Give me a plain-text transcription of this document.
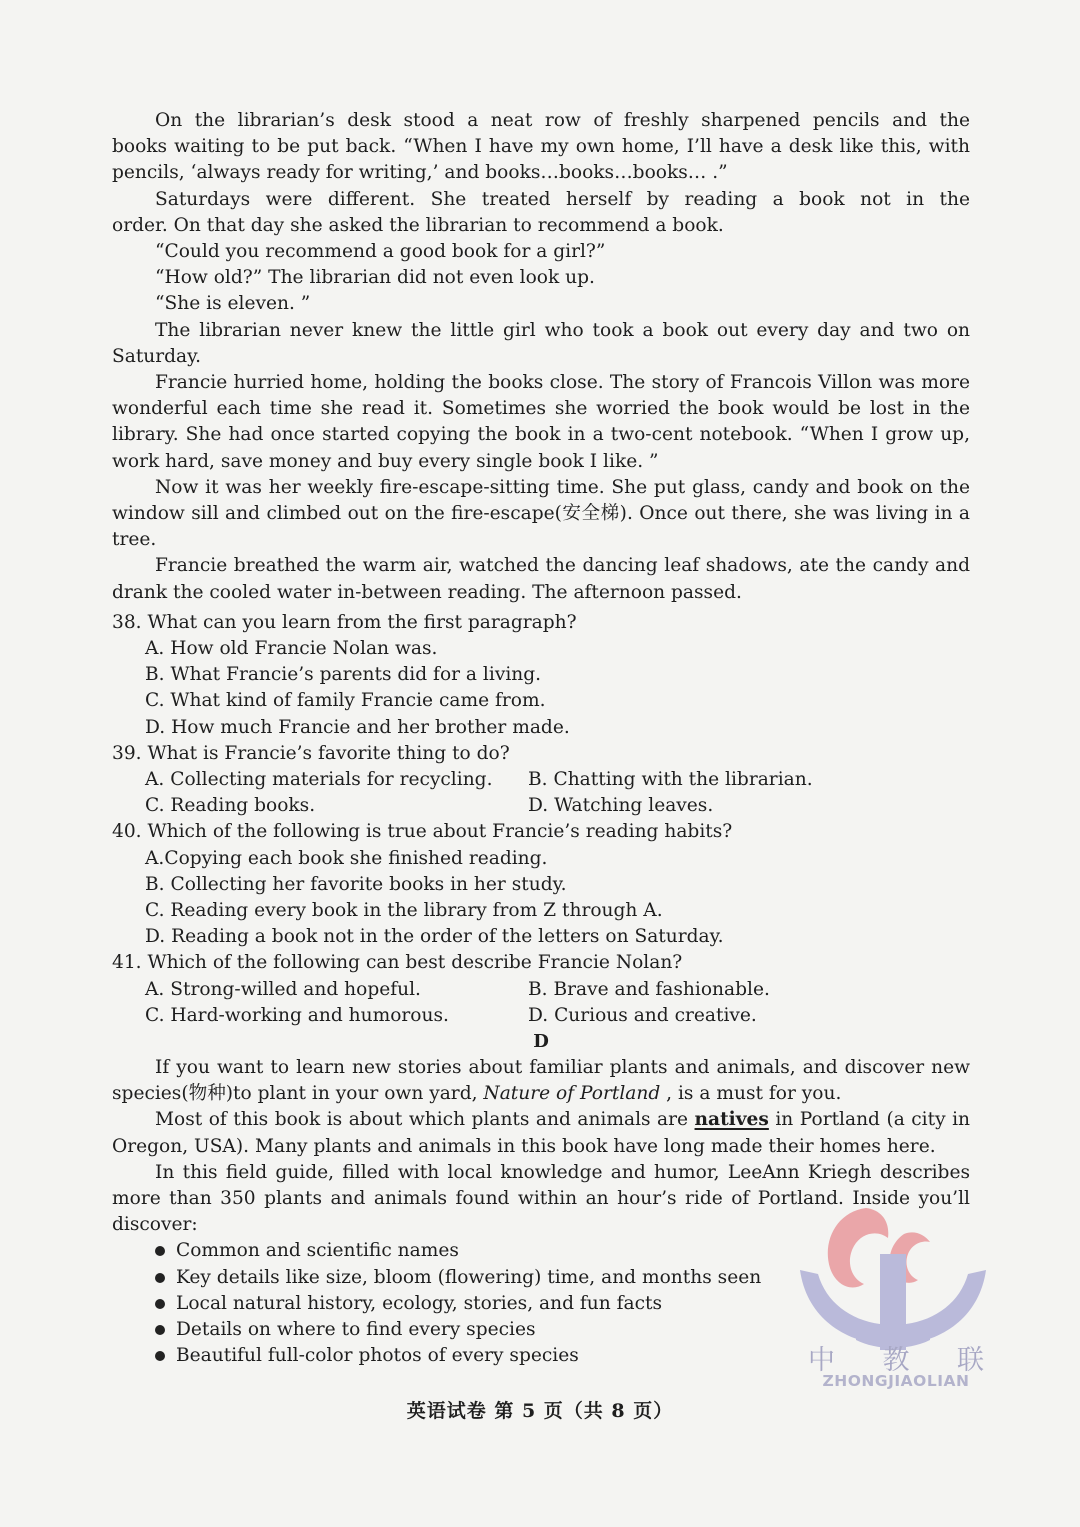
On the librarian’s desk stood a neat row of freshly sharpened pencils and the
books waiting to be put back. “When I have my own home, I’ll have a desk like this, with
pencils, ‘always ready for writing,’ and books…books…books… .”
Saturdays were different. She treated herself by reading a book not in the
order. On that day she asked the librarian to recommend a book.
“Could you recommend a good book for a girl?”
“How old?” The librarian did not even look up.
“She is eleven. ”
The librarian never knew the little girl who took a book out every day and two on
Saturday.
Francie hurried home, holding the books close. The story of Francois Villon was more
wonderful each time she read it. Sometimes she worried the book would be lost in the
library. She had once started copying the book in a two-cent notebook. “When I grow up,
work hard, save money and buy every single book I like. ”
Now it was her weekly fire-escape-sitting time. She put glass, candy and book on the
window sill and climbed out on the fire-escape(安全梯). Once out there, she was living in a
tree.
Francie breathed the warm air, watched the dancing leaf shadows, ate the candy and
drank the cooled water in-between reading. The afternoon passed.
38. What can you learn from the first paragraph?
A. How old Francie Nolan was.
B. What Francie’s parents did for a living.
C. What kind of family Francie came from.
D. How much Francie and her brother made.
39. What is Francie’s favorite thing to do?
A. Collecting materials for recycling.	B. Chatting with the librarian.
C. Reading books.	D. Watching leaves.
40. Which of the following is true about Francie’s reading habits?
A.Copying each book she finished reading.
B. Collecting her favorite books in her study.
C. Reading every book in the library from Z through A.
D. Reading a book not in the order of the letters on Saturday.
41. Which of the following can best describe Francie Nolan?
A. Strong-willed and hopeful.	B. Brave and fashionable.
C. Hard-working and humorous.	D. Curious and creative.
D
If you want to learn new stories about familiar plants and animals, and discover new
species(物种)to plant in your own yard, Nature of Portland , is a must for you.
Most of this book is about which plants and animals are natives in Portland (a city in
Oregon, USA). Many plants and animals in this book have long made their homes here.
In this field guide, filled with local knowledge and humor, LeeAnn Kriegh describes
more than 350 plants and animals found within an hour’s ride of Portland. Inside you’ll
discover:
Common and scientific names
Key details like size, bloom (flowering) time, and months seen
Local natural history, ecology, stories, and fun facts
Details on where to find every species
Beautiful full-color photos of every species	中 教 联
ZHONGJIAOLIAN
英语试卷 第 5 页（共 8 页）
